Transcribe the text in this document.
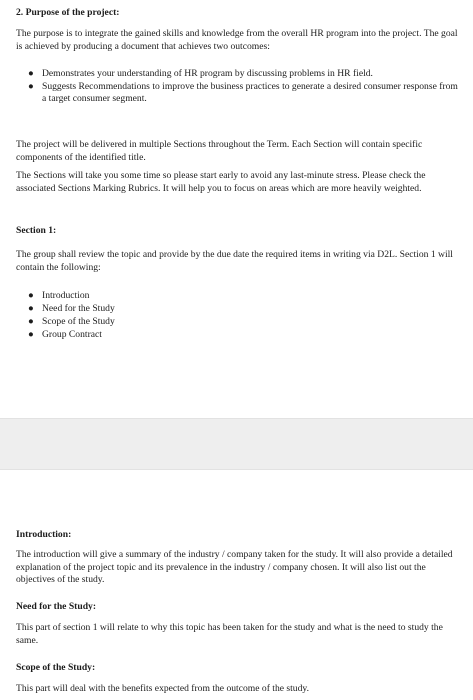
2. Purpose of the project:

The purpose is to integrate the gained skills and knowledge from the overall HR program into the project. The goal is achieved by producing a document that achieves two outcomes:

● Demonstrates your understanding of HR program by discussing problems in HR field.
● Suggests Recommendations to improve the business practices to generate a desired consumer response from a target consumer segment.

The project will be delivered in multiple Sections throughout the Term. Each Section will contain specific components of the identified title.

The Sections will take you some time so please start early to avoid any last-minute stress. Please check the associated Sections Marking Rubrics. It will help you to focus on areas which are more heavily weighted.

Section 1:

The group shall review the topic and provide by the due date the required items in writing via D2L. Section 1 will contain the following:

● Introduction
● Need for the Study
● Scope of the Study
● Group Contract

Introduction:

The introduction will give a summary of the industry / company taken for the study. It will also provide a detailed explanation of the project topic and its prevalence in the industry / company chosen. It will also list out the objectives of the study.

Need for the Study:

This part of section 1 will relate to why this topic has been taken for the study and what is the need to study the same.

Scope of the Study:

This part will deal with the benefits expected from the outcome of the study.
